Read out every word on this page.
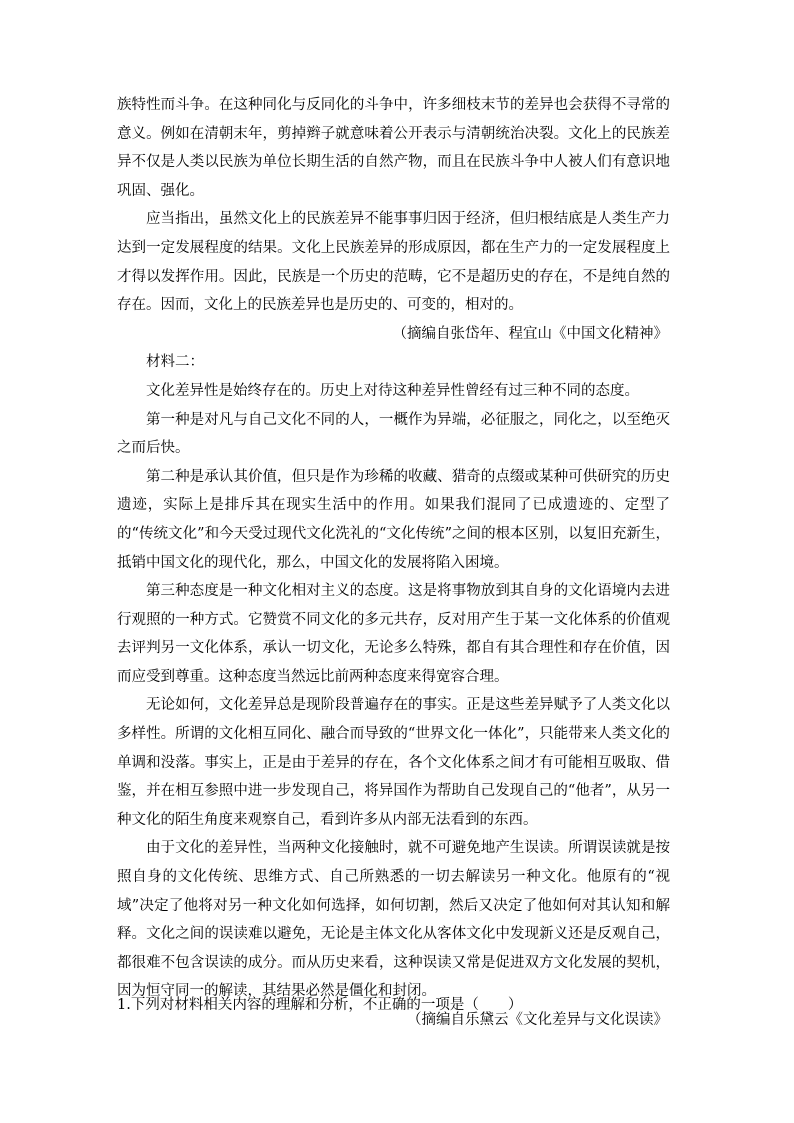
族特性而斗争。在这种同化与反同化的斗争中，许多细枝末节的差异也会获得不寻常的意义。例如在清朝末年，剪掉辫子就意味着公开表示与清朝统治决裂。文化上的民族差异不仅是人类以民族为单位长期生活的自然产物，而且在民族斗争中人被人们有意识地巩固、强化。

应当指出，虽然文化上的民族差异不能事事归因于经济，但归根结底是人类生产力达到一定发展程度的结果。文化上民族差异的形成原因，都在生产力的一定发展程度上才得以发挥作用。因此，民族是一个历史的范畴，它不是超历史的存在，不是纯自然的存在。因而，文化上的民族差异也是历史的、可变的，相对的。

（摘编自张岱年、程宜山《中国文化精神》

材料二：

文化差异性是始终存在的。历史上对待这种差异性曾经有过三种不同的态度。

第一种是对凡与自己文化不同的人，一概作为异端，必征服之，同化之，以至绝灭之而后快。

第二种是承认其价值，但只是作为珍稀的收藏、猎奇的点缀或某种可供研究的历史遗迹，实际上是排斥其在现实生活中的作用。如果我们混同了已成遗迹的、定型了的“传统文化”和今天受过现代文化洗礼的“文化传统”之间的根本区别，以复旧充新生，抵销中国文化的现代化，那么，中国文化的发展将陷入困境。

第三种态度是一种文化相对主义的态度。这是将事物放到其自身的文化语境内去进行观照的一种方式。它赞赏不同文化的多元共存，反对用产生于某一文化体系的价值观去评判另一文化体系，承认一切文化，无论多么特殊，都自有其合理性和存在价值，因而应受到尊重。这种态度当然远比前两种态度来得宽容合理。

无论如何，文化差异总是现阶段普遍存在的事实。正是这些差异赋予了人类文化以多样性。所谓的文化相互同化、融合而导致的“世界文化一体化”，只能带来人类文化的单调和没落。事实上，正是由于差异的存在，各个文化体系之间才有可能相互吸取、借鉴，并在相互参照中进一步发现自己，将异国作为帮助自己发现自己的“他者”，从另一种文化的陌生角度来观察自己，看到许多从内部无法看到的东西。

由于文化的差异性，当两种文化接触时，就不可避免地产生误读。所谓误读就是按照自身的文化传统、思维方式、自己所熟悉的一切去解读另一种文化。他原有的“视域”决定了他将对另一种文化如何选择，如何切割，然后又决定了他如何对其认知和解释。文化之间的误读难以避免，无论是主体文化从客体文化中发现新义还是反观自己，都很难不包含误读的成分。而从历史来看，这种误读又常是促进双方文化发展的契机，因为恒守同一的解读，其结果必然是僵化和封闭。

（摘编自乐黛云《文化差异与文化误读》

1.下列对材料相关内容的理解和分析，不正确的一项是（　　）
